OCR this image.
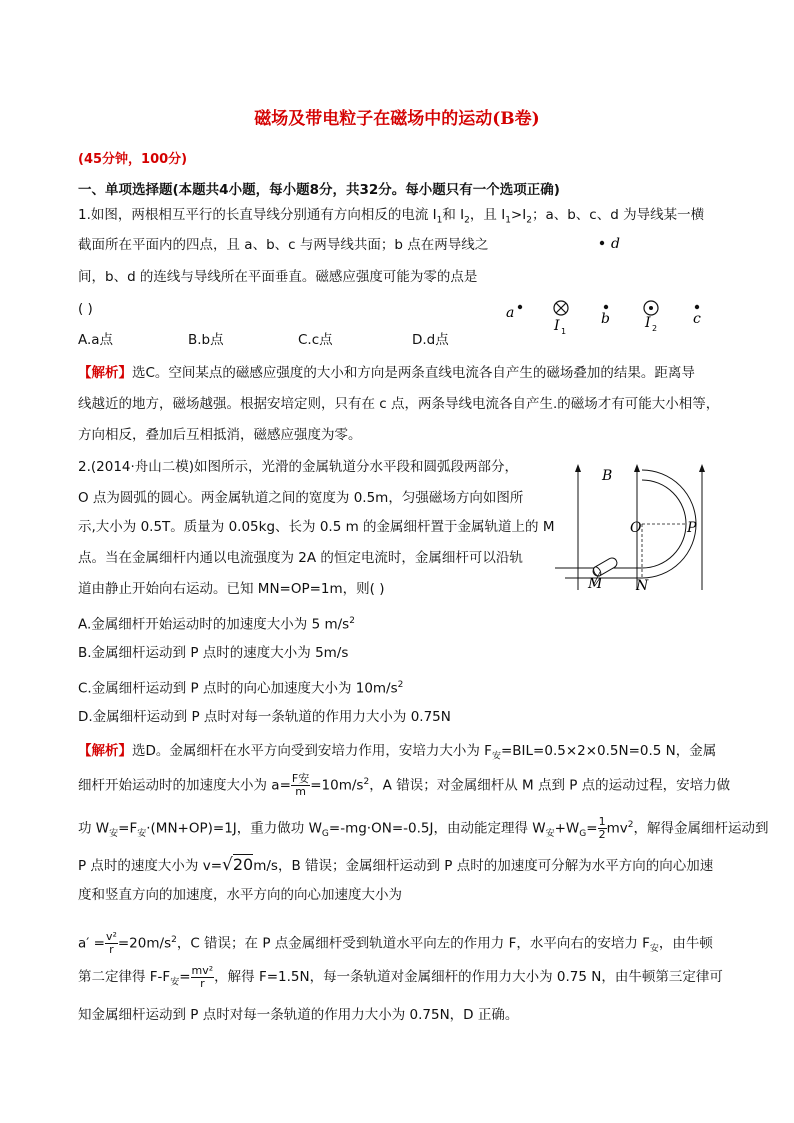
磁场及带电粒子在磁场中的运动(B卷)
(45分钟，100分)
一、单项选择题(本题共4小题，每小题8分，共32分。每小题只有一个选项正确)
1.如图，两根相互平行的长直导线分别通有方向相反的电流 $I_1$和 $I_2$，且 $I_1>I_2$；a、b、c、d 为导线某一横
截面所在平面内的四点，且 a、b、c 与两导线共面；b 点在两导线之
间，b、d 的连线与导线所在平面垂直。磁感应强度可能为零的点是
( )
A.a点	B.b点	C.c点	D.d点
d
a
I 1
b	I 2
c
【解析】选C。空间某点的磁感应强度的大小和方向是两条直线电流各自产生的磁场叠加的结果。距离导
线越近的地方，磁场越强。根据安培定则，只有在 c 点，两条导线电流各自产生.的磁场才有可能大小相等，
方向相反，叠加后互相抵消，磁感应强度为零。
2.(2014·舟山二模)如图所示，光滑的金属轨道分水平段和圆弧段两部分，
O 点为圆弧的圆心。两金属轨道之间的宽度为 0.5m，匀强磁场方向如图所
示,大小为 0.5T。质量为 0.05kg、长为 0.5 m 的金属细杆置于金属轨道上的 M
点。当在金属细杆内通以电流强度为 2A 的恒定电流时，金属细杆可以沿轨
道由静止开始向右运动。已知 MN=OP=1m，则( )
A.金属细杆开始运动时的加速度大小为 5 $m/s^2$
B.金属细杆运动到 P 点时的速度大小为 5m/s
C.金属细杆运动到 P 点时的向心加速度大小为 $10m/s^2$
D.金属细杆运动到 P 点时对每一条轨道的作用力大小为 0.75N
B
O	P
M N
【解析】选D。金属细杆在水平方向受到安培力作用，安培力大小为 $F_安=BIL=0.5\times 2\times 0.5N=0.5$ N，金属
细杆开始运动时的加速度大小为 $a= \frac{\text{F安}}{m} =10m/s^2$，A 错误；对金属细杆从 M 点到 P 点的运动过程，安培力做
功 $W_安=F_安\cdot(MN+OP)=1J$，重力做功 $W_G=-mg\cdot ON=-0.5J$，由动能定理得 $W_安+W_G= \frac{1}{2} mv^2$，解得金属细杆运动到
P 点时的速度大小为 v=√20m/s，B 错误；金属细杆运动到 P 点时的加速度可分解为水平方向的向心加速
度和竖直方向的加速度，水平方向的向心加速度大小为
$a' = \frac{\text{v²}}{r} =20m/s^2$，C 错误；在 P 点金属细杆受到轨道水平向左的作用力 F，水平向右的安培力 $F_安$，由牛顿
第二定律得 $F-F_安= \frac{\text{mv²}}{r}$ ，解得 F=1.5N，每一条轨道对金属细杆的作用力大小为 0.75 N，由牛顿第三定律可
知金属细杆运动到 P 点时对每一条轨道的作用力大小为 0.75N，D 正确。
